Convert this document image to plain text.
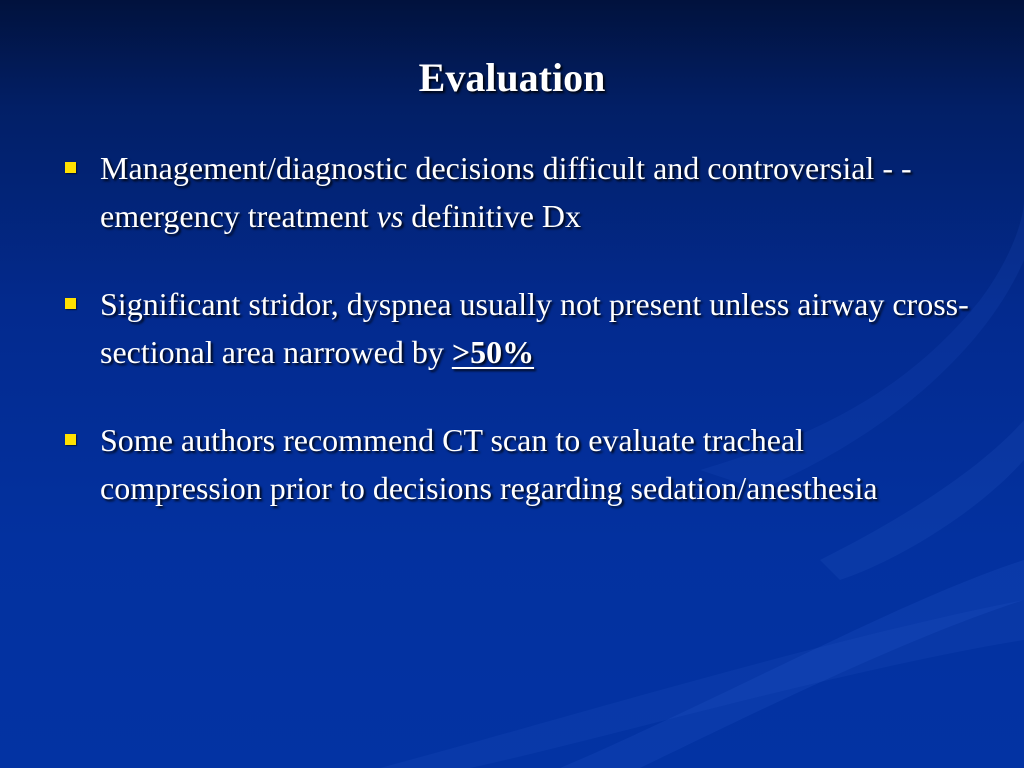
Evaluation
Management/diagnostic decisions difficult and controversial - - emergency treatment vs definitive Dx
Significant stridor, dyspnea usually not present unless airway cross-sectional area narrowed by >50%
Some authors recommend CT scan to evaluate tracheal compression prior to decisions regarding sedation/anesthesia
